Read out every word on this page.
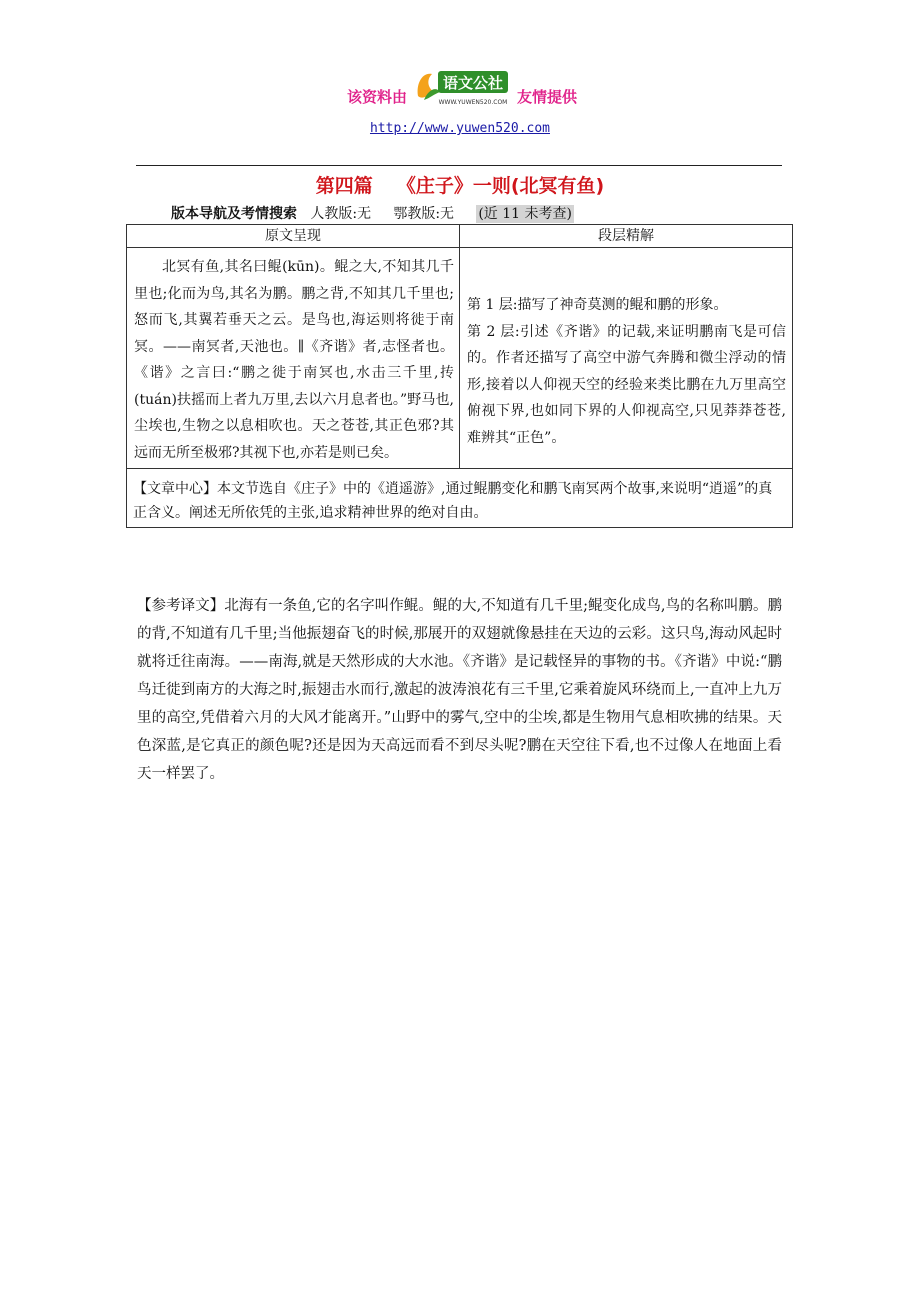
该资料由
语文公社
WWW.YUWEN520.COM 友情提供
http://www.yuwen520.com
第四篇 《庄子》一则(北冥有鱼)
版本导航及考情搜索 人教版:无 鄂教版:无 (近 11 未考查)
原文呈现	段层精解

北冥有鱼,其名曰鲲(kūn)。鲲之大,不知其几千里也;化而为鸟,其名为鹏。鹏之背,不知其几千里也;怒而飞,其翼若垂天之云。是鸟也,海运则将徙于南冥。——南冥者,天池也。∥《齐谐》者,志怪者也。《谐》之言曰:“鹏之徙于南冥也,水击三千里,抟(tuán)扶摇而上者九万里,去以六月息者也。”野马也,尘埃也,生物之以息相吹也。天之苍苍,其正色邪?其远而无所至极邪?其视下也,亦若是则已矣。	第 1 层:描写了神奇莫测的鲲和鹏的形象。
第 2 层:引述《齐谐》的记载,来证明鹏南飞是可信的。作者还描写了高空中游气奔腾和微尘浮动的情形,接着以人仰视天空的经验来类比鹏在九万里高空俯视下界,也如同下界的人仰视高空,只见莽莽苍苍,难辨其“正色”。

【文章中心】本文节选自《庄子》中的《逍遥游》,通过鲲鹏变化和鹏飞南冥两个故事,来说明“逍遥”的真正含义。阐述无所依凭的主张,追求精神世界的绝对自由。	

【参考译文】北海有一条鱼,它的名字叫作鲲。鲲的大,不知道有几千里;鲲变化成鸟,鸟的名称叫鹏。鹏的背,不知道有几千里;当他振翅奋飞的时候,那展开的双翅就像悬挂在天边的云彩。这只鸟,海动风起时就将迁往南海。——南海,就是天然形成的大水池。《齐谐》是记载怪异的事物的书。《齐谐》中说:“鹏鸟迁徙到南方的大海之时,振翅击水而行,激起的波涛浪花有三千里,它乘着旋风环绕而上,一直冲上九万里的高空,凭借着六月的大风才能离开。”山野中的雾气,空中的尘埃,都是生物用气息相吹拂的结果。天色深蓝,是它真正的颜色呢?还是因为天高远而看不到尽头呢?鹏在天空往下看,也不过像人在地面上看天一样罢了。
